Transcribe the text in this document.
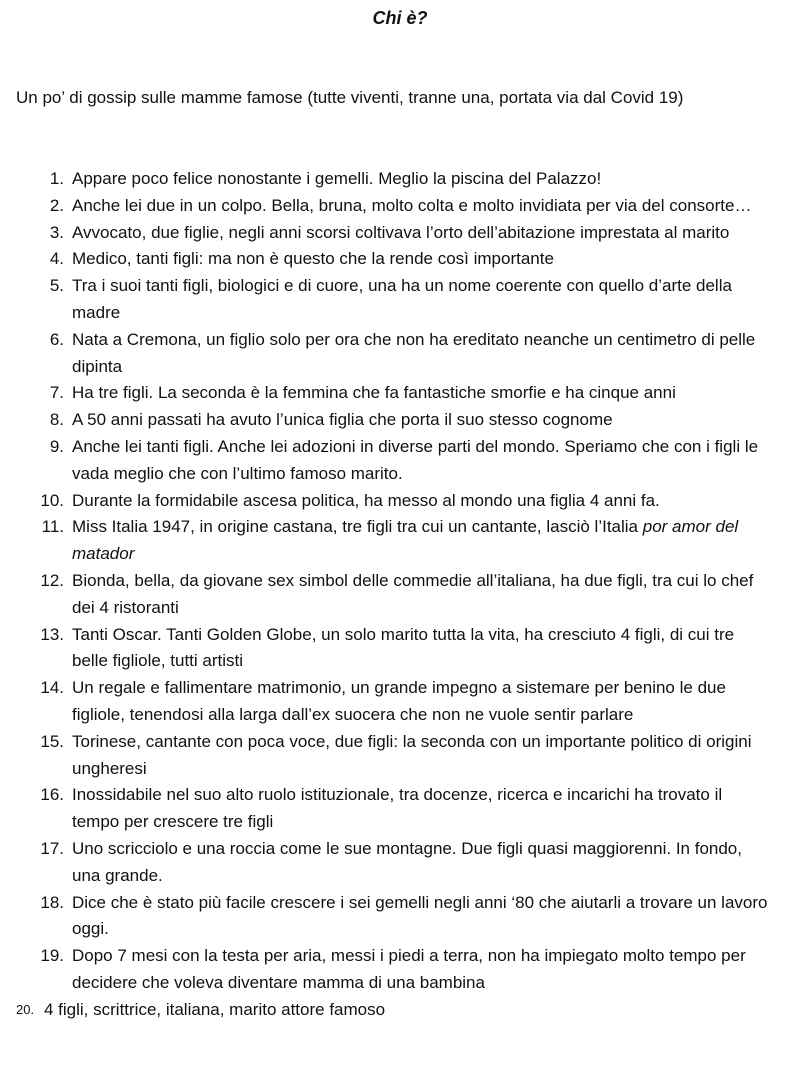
Chi è?
Un po’ di gossip sulle mamme famose (tutte viventi, tranne una, portata via dal Covid 19)
1. Appare poco felice nonostante i gemelli. Meglio la piscina del Palazzo!
2. Anche lei due in un colpo. Bella, bruna, molto colta e molto invidiata per via del consorte…
3. Avvocato, due figlie, negli anni scorsi coltivava l’orto dell’abitazione imprestata al marito
4. Medico, tanti figli: ma non è questo che la rende così importante
5. Tra i suoi tanti figli, biologici e di cuore, una ha un nome coerente con quello d’arte della madre
6. Nata a Cremona, un figlio solo per ora che non ha ereditato neanche un centimetro di pelle dipinta
7. Ha tre figli. La seconda è la femmina che fa fantastiche smorfie e ha cinque anni
8. A 50 anni passati ha avuto l’unica figlia che porta il suo stesso cognome
9. Anche lei tanti figli. Anche lei adozioni in diverse parti del mondo. Speriamo che con i figli le vada meglio che con l’ultimo famoso marito.
10. Durante la formidabile ascesa politica, ha messo al mondo una figlia 4 anni fa.
11. Miss Italia 1947, in origine castana, tre figli tra cui un cantante, lasciò l’Italia por amor del matador
12. Bionda, bella, da giovane sex simbol delle commedie all’italiana, ha due figli, tra cui lo chef dei 4 ristoranti
13. Tanti Oscar. Tanti Golden Globe, un solo marito tutta la vita, ha cresciuto 4 figli, di cui tre belle figliole, tutti artisti
14. Un regale e fallimentare matrimonio, un grande impegno a sistemare per benino le due figliole, tenendosi alla larga dall’ex suocera che non ne vuole sentir parlare
15. Torinese, cantante con poca voce, due figli: la seconda con un importante politico di origini ungheresi
16. Inossidabile nel suo alto ruolo istituzionale, tra docenze, ricerca e incarichi ha trovato il tempo per crescere tre figli
17. Uno scricciolo e una roccia come le sue montagne. Due figli quasi maggiorenni. In fondo, una grande.
18. Dice che è stato più facile crescere i sei gemelli negli anni ‘80 che aiutarli a trovare un lavoro oggi.
19. Dopo 7 mesi con la testa per aria, messi i piedi a terra, non ha impiegato molto tempo per decidere che voleva diventare mamma di una bambina
20. 4 figli, scrittrice, italiana, marito attore famoso
